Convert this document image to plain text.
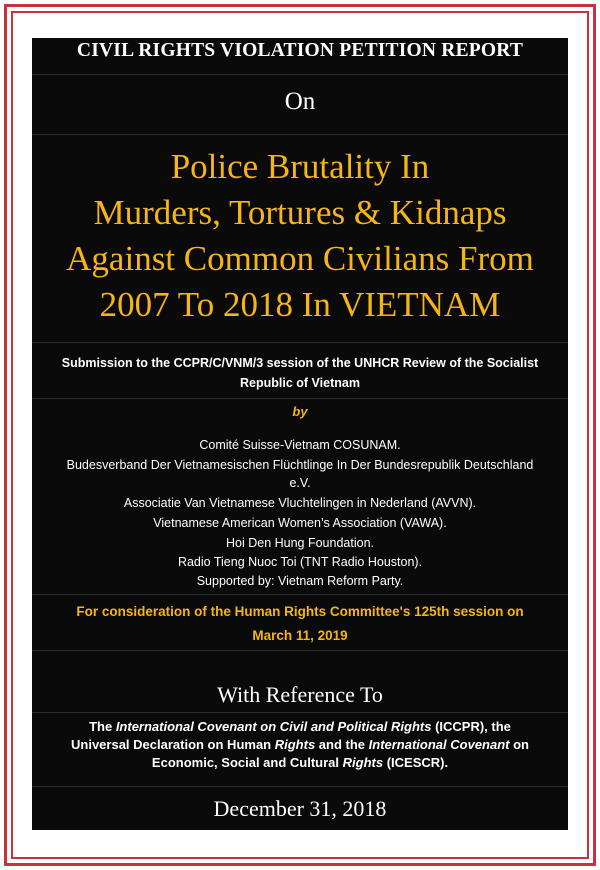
CIVIL RIGHTS VIOLATION PETITION REPORT
On
Police Brutality In
Murders, Tortures & Kidnaps
Against Common Civilians From
2007 To 2018 In VIETNAM
Submission to the CCPR/C/VNM/3 session of the UNHCR Review of the Socialist
Republic of Vietnam
by
Comité Suisse-Vietnam COSUNAM.
Budesverband Der Vietnamesischen Flüchtlinge In Der Bundesrepublik Deutschland
e.V.
Associatie Van Vietnamese Vluchtelingen in Nederland (AVVN).
Vietnamese American Women’s Association (VAWA).
Hoi Den Hung Foundation.
Radio Tieng Nuoc Toi (TNT Radio Houston).
Supported by: Vietnam Reform Party.
For consideration of the Human Rights Committee's 125th session on
March 11, 2019
With Reference To
The International Covenant on Civil and Political Rights (ICCPR), the
Universal Declaration on Human Rights and the International Covenant on
Economic, Social and Cultural Rights (ICESCR).
December 31, 2018
